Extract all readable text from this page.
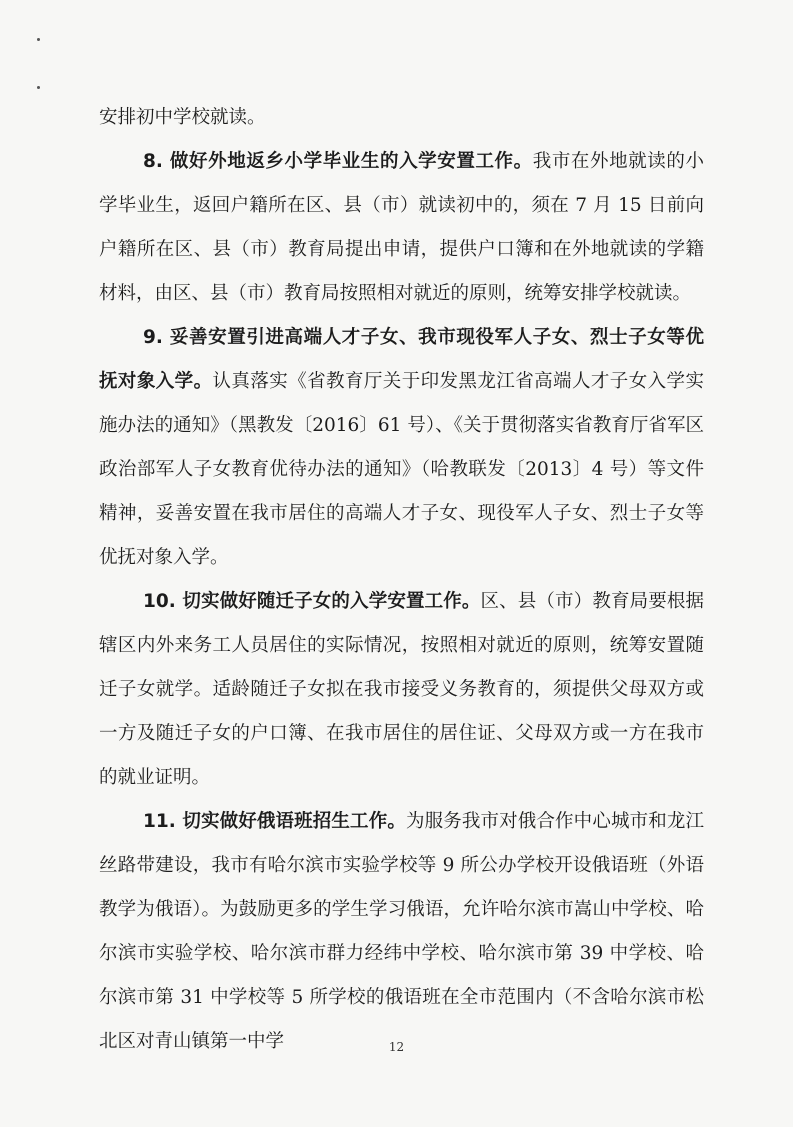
安排初中学校就读。

8. 做好外地返乡小学毕业生的入学安置工作。我市在外地就读的小学毕业生，返回户籍所在区、县（市）就读初中的，须在 7 月 15 日前向户籍所在区、县（市）教育局提出申请，提供户口簿和在外地就读的学籍材料，由区、县（市）教育局按照相对就近的原则，统筹安排学校就读。

9. 妥善安置引进高端人才子女、我市现役军人子女、烈士子女等优抚对象入学。认真落实《省教育厅关于印发黑龙江省高端人才子女入学实施办法的通知》（黑教发〔2016〕61 号）、《关于贯彻落实省教育厅省军区政治部军人子女教育优待办法的通知》（哈教联发〔2013〕4 号）等文件精神，妥善安置在我市居住的高端人才子女、现役军人子女、烈士子女等优抚对象入学。

10. 切实做好随迁子女的入学安置工作。区、县（市）教育局要根据辖区内外来务工人员居住的实际情况，按照相对就近的原则，统筹安置随迁子女就学。适龄随迁子女拟在我市接受义务教育的，须提供父母双方或一方及随迁子女的户口簿、在我市居住的居住证、父母双方或一方在我市的就业证明。

11. 切实做好俄语班招生工作。为服务我市对俄合作中心城市和龙江丝路带建设，我市有哈尔滨市实验学校等 9 所公办学校开设俄语班（外语教学为俄语）。为鼓励更多的学生学习俄语，允许哈尔滨市嵩山中学校、哈尔滨市实验学校、哈尔滨市群力经纬中学校、哈尔滨市第 39 中学校、哈尔滨市第 31 中学校等 5 所学校的俄语班在全市范围内（不含哈尔滨市松北区对青山镇第一中学	12
